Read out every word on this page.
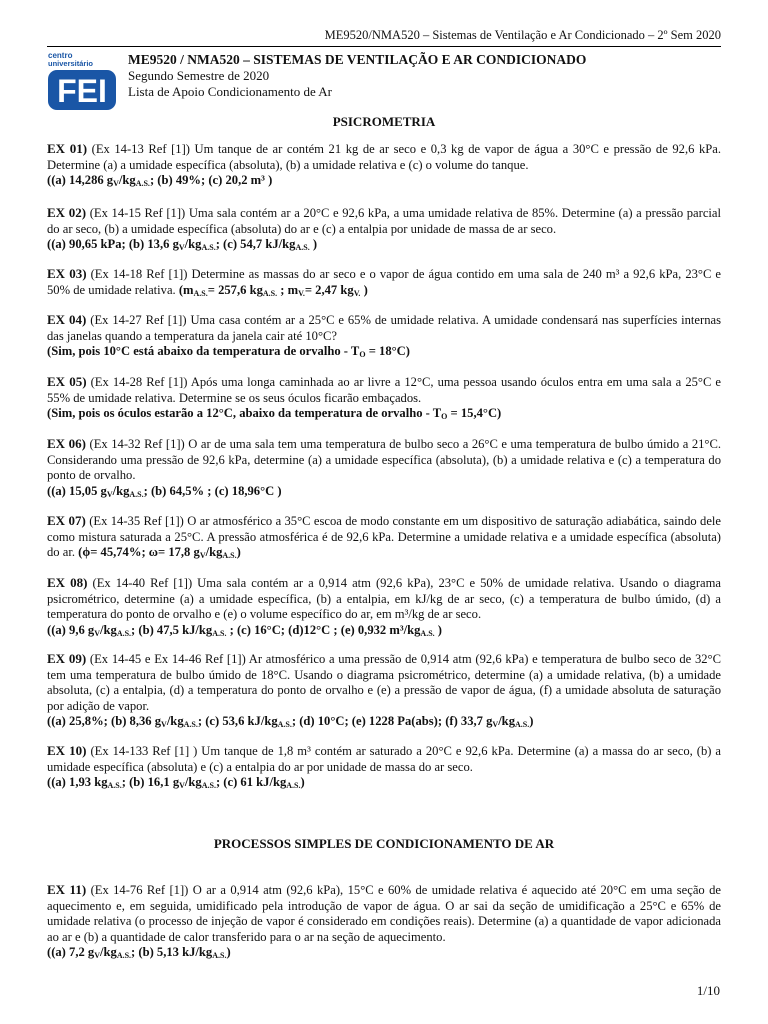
ME9520/NMA520 – Sistemas de Ventilação e Ar Condicionado – 2º Sem 2020
centro
universitário
FEI
ME9520 / NMA520 – SISTEMAS DE VENTILAÇÃO E AR CONDICIONADO
Segundo Semestre de 2020
Lista de Apoio Condicionamento de Ar
PSICROMETRIA

EX 01) (Ex 14-13 Ref [1]) Um tanque de ar contém 21 kg de ar seco e 0,3 kg de vapor de água a 30°C e pressão de 92,6 kPa. Determine (a) a umidade específica (absoluta), (b) a umidade relativa e (c) o volume do tanque.

((a) 14,286 $g_V/kg_{A.S.}$; (b) 49%; (c) 20,2 m³ )

EX 02) (Ex 14-15 Ref [1]) Uma sala contém ar a 20°C e 92,6 kPa, a uma umidade relativa de 85%. Determine (a) a pressão parcial do ar seco, (b) a umidade específica (absoluta) do ar e (c) a entalpia por unidade de massa de ar seco.

((a) 90,65 kPa; (b) 13,6 $g_V/kg_{A.S.}$; (c) 54,7 $kJ/kg_{A.S.}$ )

EX 03) (Ex 14-18 Ref [1]) Determine as massas do ar seco e o vapor de água contido em uma sala de 240 m³ a 92,6 kPa, 23°C e 50% de umidade relativa. ($m_{A.S.}= 257,6$ $kg_{A.S.}$ ; $m_{V.}= 2,47$ $kg_{V.}$ )

EX 04) (Ex 14-27 Ref [1]) Uma casa contém ar a 25°C e 65% de umidade relativa. A umidade condensará nas superfícies internas das janelas quando a temperatura da janela cair até 10°C?

(Sim, pois 10°C está abaixo da temperatura de orvalho - $T_O = 18^\circ C$)

EX 05) (Ex 14-28 Ref [1]) Após uma longa caminhada ao ar livre a 12°C, uma pessoa usando óculos entra em uma sala a 25°C e 55% de umidade relativa. Determine se os seus óculos ficarão embaçados.

(Sim, pois os óculos estarão a 12°C, abaixo da temperatura de orvalho - $T_O = 15,4^\circ C$)

EX 06) (Ex 14-32 Ref [1]) O ar de uma sala tem uma temperatura de bulbo seco a 26°C e uma temperatura de bulbo úmido a 21°C. Considerando uma pressão de 92,6 kPa, determine (a) a umidade específica (absoluta), (b) a umidade relativa e (c) a temperatura do ponto de orvalho.

((a) 15,05 $g_V/kg_{A.S.}$; (b) 64,5% ; (c) 18,96°C )

EX 07) (Ex 14-35 Ref [1]) O ar atmosférico a 35°C escoa de modo constante em um dispositivo de saturação adiabática, saindo dele como mistura saturada a 25°C. A pressão atmosférica é de 92,6 kPa. Determine a umidade relativa e a umidade específica (absoluta) do ar. (ϕ= 45,74%; ω= 17,8 $g_V/kg_{A.S.}$)

EX 08) (Ex 14-40 Ref [1]) Uma sala contém ar a 0,914 atm (92,6 kPa), 23°C e 50% de umidade relativa. Usando o diagrama psicrométrico, determine (a) a umidade específica, (b) a entalpia, em kJ/kg de ar seco, (c) a temperatura de bulbo úmido, (d) a temperatura do ponto de orvalho e (e) o volume específico do ar, em m³/kg de ar seco.

((a) 9,6 $g_V/kg_{A.S.}$; (b) 47,5 $kJ/kg_{A.S.}$ ; (c) 16°C; (d)12°C ; (e) 0,932 $m^3/kg_{A.S.}$ )

EX 09) (Ex 14-45 e Ex 14-46 Ref [1]) Ar atmosférico a uma pressão de 0,914 atm (92,6 kPa) e temperatura de bulbo seco de 32°C tem uma temperatura de bulbo úmido de 18°C. Usando o diagrama psicrométrico, determine (a) a umidade relativa, (b) a umidade absoluta, (c) a entalpia, (d) a temperatura do ponto de orvalho e (e) a pressão de vapor de água, (f) a umidade absoluta de saturação por adição de vapor.

((a) 25,8%; (b) 8,36 $g_V/kg_{A.S.}$; (c) 53,6 $kJ/kg_{A.S.}$; (d) 10°C; (e) 1228 Pa(abs); (f) 33,7 $g_V/kg_{A.S.}$)

EX 10) (Ex 14-133 Ref [1] ) Um tanque de 1,8 m³ contém ar saturado a 20°C e 92,6 kPa. Determine (a) a massa do ar seco, (b) a umidade específica (absoluta) e (c) a entalpia do ar por unidade de massa do ar seco.

((a) 1,93 $kg_{A.S.}$; (b) 16,1 $g_V/kg_{A.S.}$; (c) 61 $kJ/kg_{A.S.}$)

PROCESSOS SIMPLES DE CONDICIONAMENTO DE AR

EX 11) (Ex 14-76 Ref [1]) O ar a 0,914 atm (92,6 kPa), 15°C e 60% de umidade relativa é aquecido até 20°C em uma seção de aquecimento e, em seguida, umidificado pela introdução de vapor de água. O ar sai da seção de umidificação a 25°C e 65% de umidade relativa (o processo de injeção de vapor é considerado em condições reais). Determine (a) a quantidade de vapor adicionada ao ar e (b) a quantidade de calor transferido para o ar na seção de aquecimento.

((a) 7,2 $g_V/kg_{A.S.}$; (b) 5,13 $kJ/kg_{A.S.}$)

1/10
